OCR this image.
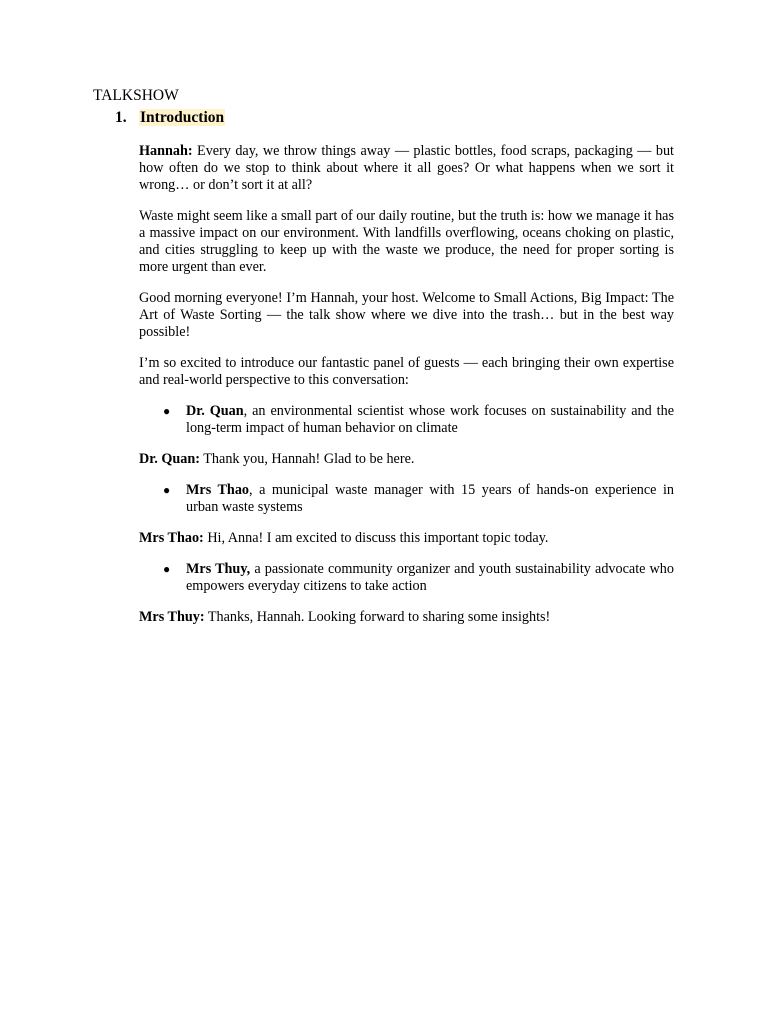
TALKSHOW

1. Introduction

Hannah: Every day, we throw things away — plastic bottles, food scraps, packaging — but how often do we stop to think about where it all goes? Or what happens when we sort it wrong… or don’t sort it at all?

Waste might seem like a small part of our daily routine, but the truth is: how we manage it has a massive impact on our environment. With landfills overflowing, oceans choking on plastic, and cities struggling to keep up with the waste we produce, the need for proper sorting is more urgent than ever.

Good morning everyone! I’m Hannah, your host. Welcome to Small Actions, Big Impact: The Art of Waste Sorting — the talk show where we dive into the trash… but in the best way possible!

I’m so excited to introduce our fantastic panel of guests — each bringing their own expertise and real-world perspective to this conversation:

● Dr. Quan, an environmental scientist whose work focuses on sustainability and the long-term impact of human behavior on climate

Dr. Quan: Thank you, Hannah! Glad to be here.

● Mrs Thao, a municipal waste manager with 15 years of hands-on experience in urban waste systems

Mrs Thao: Hi, Anna! I am excited to discuss this important topic today.

● Mrs Thuy, a passionate community organizer and youth sustainability advocate who empowers everyday citizens to take action

Mrs Thuy: Thanks, Hannah. Looking forward to sharing some insights!
